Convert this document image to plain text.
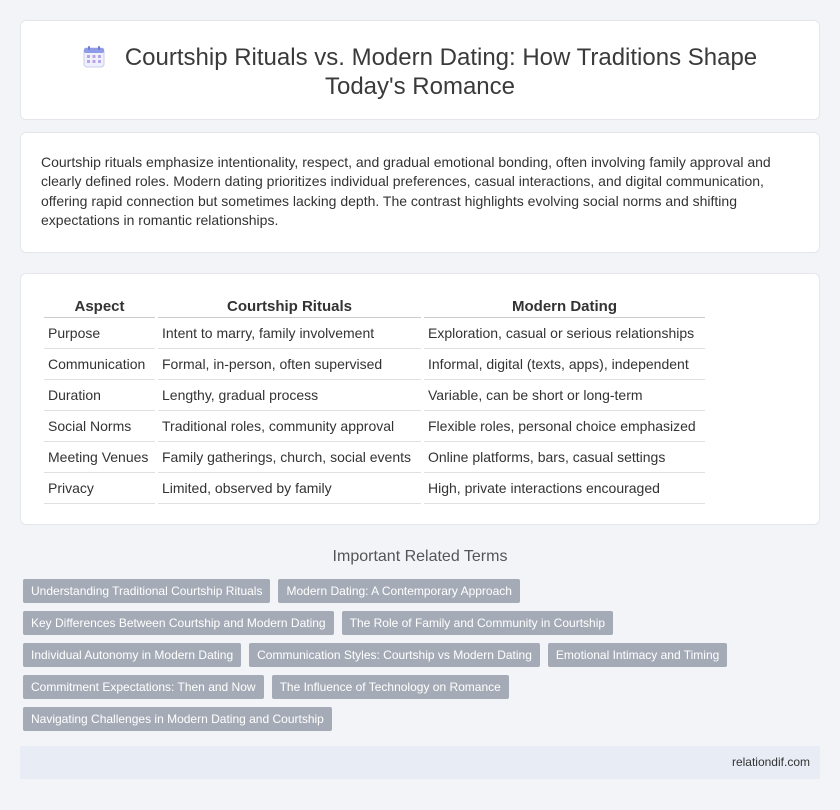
Courtship Rituals vs. Modern Dating: How Traditions Shape Today's Romance

Courtship rituals emphasize intentionality, respect, and gradual emotional bonding, often involving family approval and clearly defined roles. Modern dating prioritizes individual preferences, casual interactions, and digital communication, offering rapid connection but sometimes lacking depth. The contrast highlights evolving social norms and shifting expectations in romantic relationships.

Aspect	Courtship Rituals	Modern Dating
Purpose	Intent to marry, family involvement	Exploration, casual or serious relationships
Communication	Formal, in-person, often supervised	Informal, digital (texts, apps), independent
Duration	Lengthy, gradual process	Variable, can be short or long-term
Social Norms	Traditional roles, community approval	Flexible roles, personal choice emphasized
Meeting Venues	Family gatherings, church, social events	Online platforms, bars, casual settings
Privacy	Limited, observed by family	High, private interactions encouraged
Important Related Terms
Understanding Traditional Courtship Rituals	Modern Dating: A Contemporary Approach
Key Differences Between Courtship and Modern Dating	The Role of Family and Community in Courtship
Individual Autonomy in Modern Dating	Communication Styles: Courtship vs Modern Dating	Emotional Intimacy and Timing
Commitment Expectations: Then and Now	The Influence of Technology on Romance
Navigating Challenges in Modern Dating and Courtship
relationdif.com
